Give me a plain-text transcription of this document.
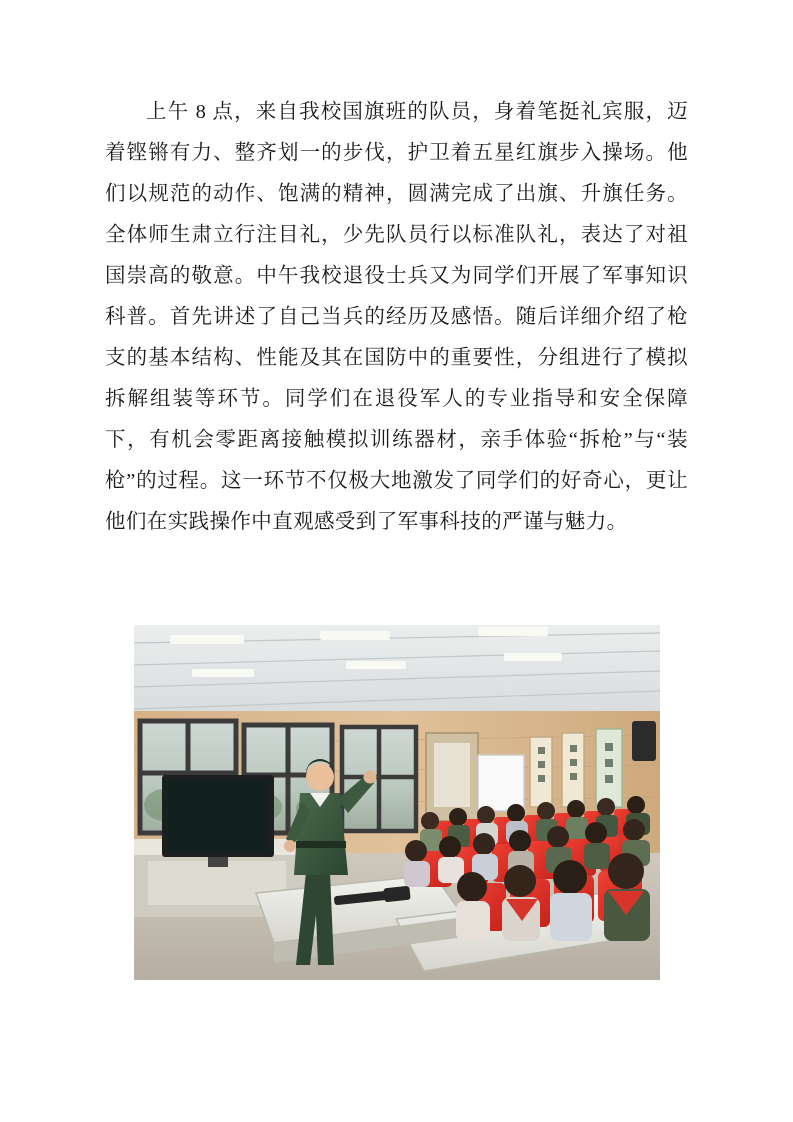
上午 8 点，来自我校国旗班的队员，身着笔挺礼宾服，迈着铿锵有力、整齐划一的步伐，护卫着五星红旗步入操场。他们以规范的动作、饱满的精神，圆满完成了出旗、升旗任务。全体师生肃立行注目礼，少先队员行以标准队礼，表达了对祖国崇高的敬意。中午我校退役士兵又为同学们开展了军事知识科普。首先讲述了自己当兵的经历及感悟。随后详细介绍了枪支的基本结构、性能及其在国防中的重要性，分组进行了模拟拆解组装等环节。同学们在退役军人的专业指导和安全保障下，有机会零距离接触模拟训练器材，亲手体验“拆枪”与“装枪”的过程。这一环节不仅极大地激发了同学们的好奇心，更让他们在实践操作中直观感受到了军事科技的严谨与魅力。
